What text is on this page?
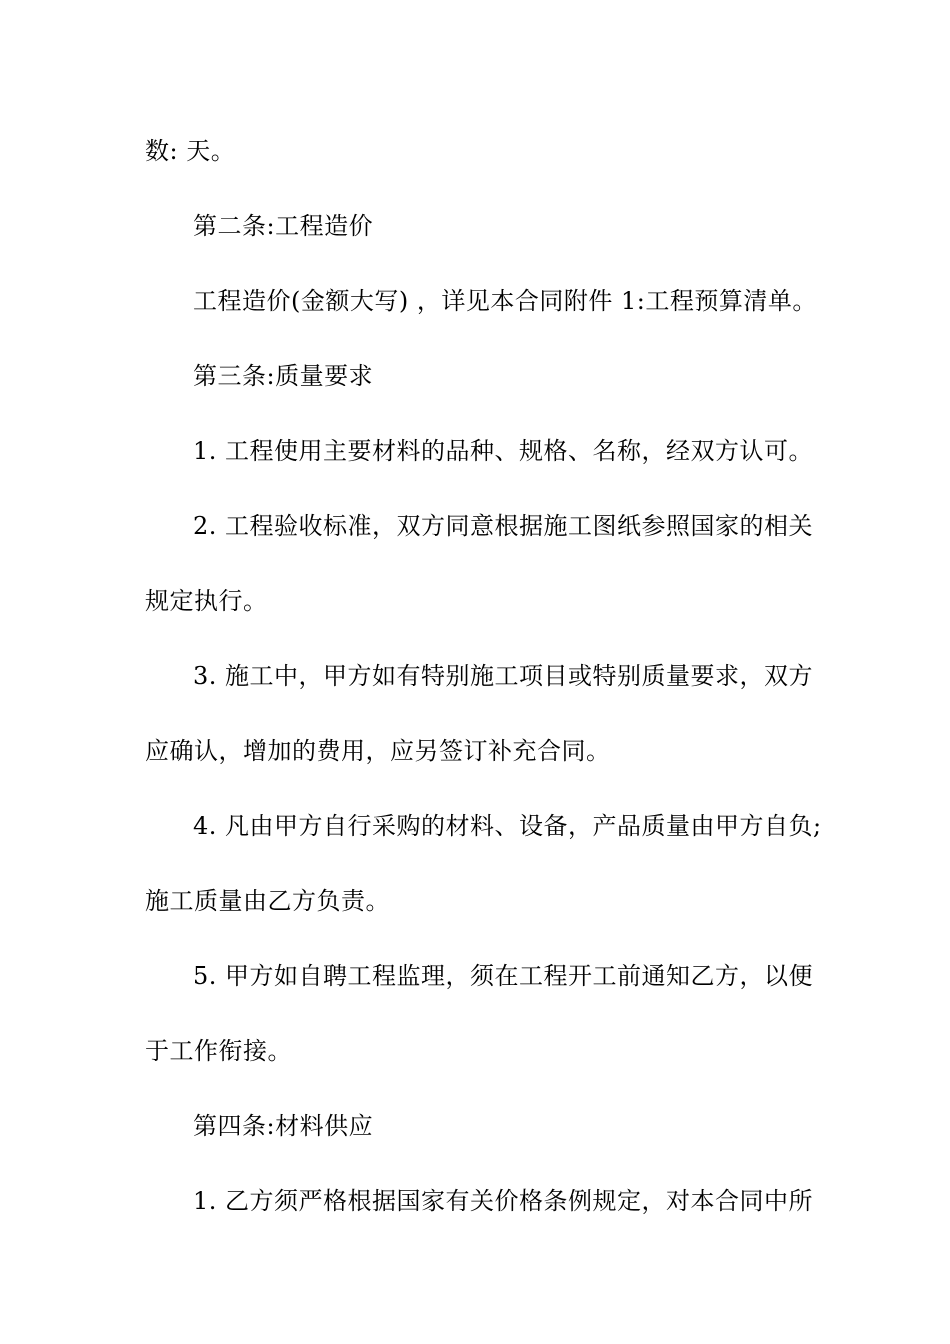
数: 天。
第二条:工程造价
工程造价(金额大写) ，详见本合同附件 1:工程预算清单。
第三条:质量要求
1. 工程使用主要材料的品种、规格、名称，经双方认可。
2. 工程验收标准，双方同意根据施工图纸参照国家的相关
规定执行。
3. 施工中，甲方如有特别施工项目或特别质量要求，双方
应确认，增加的费用，应另签订补充合同。
4. 凡由甲方自行采购的材料、设备，产品质量由甲方自负;
施工质量由乙方负责。
5. 甲方如自聘工程监理，须在工程开工前通知乙方，以便
于工作衔接。
第四条:材料供应
1. 乙方须严格根据国家有关价格条例规定，对本合同中所
